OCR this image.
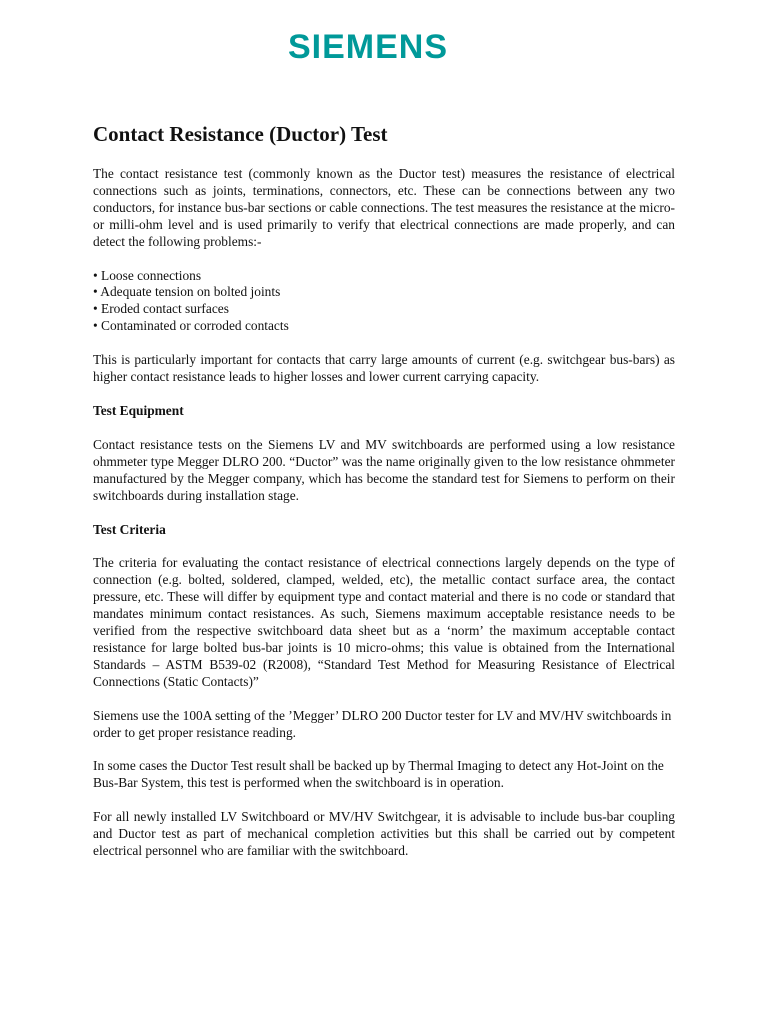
SIEMENS
Contact Resistance (Ductor) Test

The contact resistance test (commonly known as the Ductor test) measures the resistance of electrical connections such as joints, terminations, connectors, etc. These can be connections between any two conductors, for instance bus-bar sections or cable connections. The test measures the resistance at the micro- or milli-ohm level and is used primarily to verify that electrical connections are made properly, and can detect the following problems:-

• Loose connections
• Adequate tension on bolted joints
• Eroded contact surfaces
• Contaminated or corroded contacts

This is particularly important for contacts that carry large amounts of current (e.g. switchgear bus-bars) as higher contact resistance leads to higher losses and lower current carrying capacity.

Test Equipment

Contact resistance tests on the Siemens LV and MV switchboards are performed using a low resistance ohmmeter type Megger DLRO 200. “Ductor” was the name originally given to the low resistance ohmmeter manufactured by the Megger company, which has become the standard test for Siemens to perform on their switchboards during installation stage.

Test Criteria

The criteria for evaluating the contact resistance of electrical connections largely depends on the type of connection (e.g. bolted, soldered, clamped, welded, etc), the metallic contact surface area, the contact pressure, etc. These will differ by equipment type and contact material and there is no code or standard that mandates minimum contact resistances. As such, Siemens maximum acceptable resistance needs to be verified from the respective switchboard data sheet but as a ‘norm’ the maximum acceptable contact resistance for large bolted bus-bar joints is 10 micro-ohms; this value is obtained from the International Standards – ASTM B539-02 (R2008), “Standard Test Method for Measuring Resistance of Electrical Connections (Static Contacts)”

Siemens use the 100A setting of the ’Megger’ DLRO 200 Ductor tester for LV and MV/HV switchboards in order to get proper resistance reading.

In some cases the Ductor Test result shall be backed up by Thermal Imaging to detect any Hot-Joint on the Bus-Bar System, this test is performed when the switchboard is in operation.

For all newly installed LV Switchboard or MV/HV Switchgear, it is advisable to include bus-bar coupling and Ductor test as part of mechanical completion activities but this shall be carried out by competent electrical personnel who are familiar with the switchboard.
